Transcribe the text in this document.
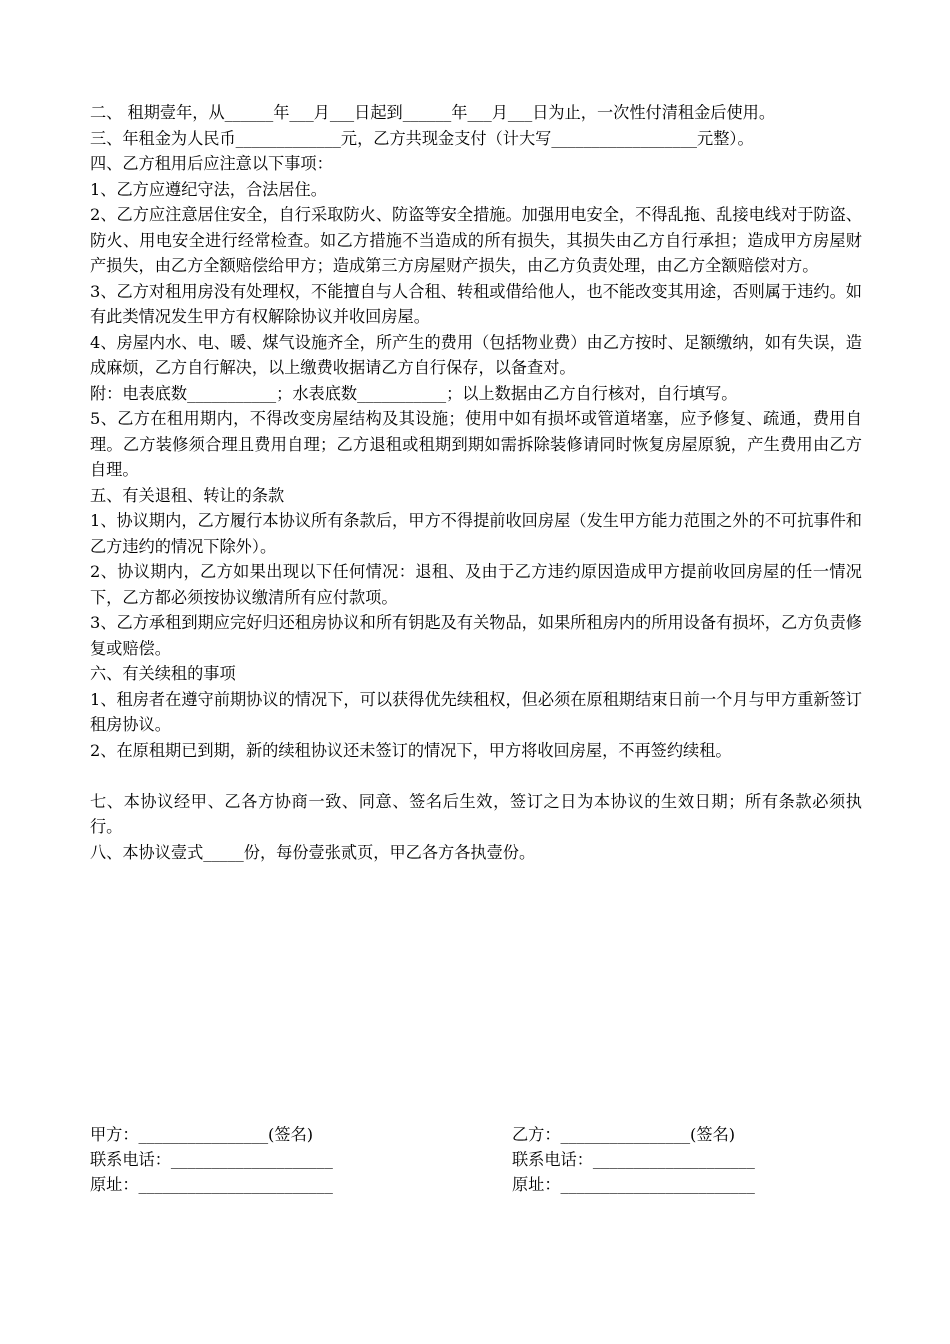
二、 租期壹年，从______年___月___日起到______年___月___日为止，一次性付清租金后使用。

三、年租金为人民币_____________元，乙方共现金支付（计大写__________________元整）。

四、乙方租用后应注意以下事项：

1、乙方应遵纪守法，合法居住。

2、乙方应注意居住安全，自行采取防火、防盗等安全措施。加强用电安全，不得乱拖、乱接电线对于防盗、防火、用电安全进行经常检查。如乙方措施不当造成的所有损失，其损失由乙方自行承担；造成甲方房屋财产损失，由乙方全额赔偿给甲方；造成第三方房屋财产损失，由乙方负责处理，由乙方全额赔偿对方。

3、乙方对租用房没有处理权，不能擅自与人合租、转租或借给他人，也不能改变其用途，否则属于违约。如有此类情况发生甲方有权解除协议并收回房屋。

4、房屋内水、电、暖、煤气设施齐全，所产生的费用（包括物业费）由乙方按时、足额缴纳，如有失误，造成麻烦，乙方自行解决，以上缴费收据请乙方自行保存，以备查对。

附：电表底数___________；水表底数___________；以上数据由乙方自行核对，自行填写。

5、乙方在租用期内，不得改变房屋结构及其设施；使用中如有损坏或管道堵塞，应予修复、疏通，费用自理。乙方装修须合理且费用自理；乙方退租或租期到期如需拆除装修请同时恢复房屋原貌，产生费用由乙方自理。

五、有关退租、转让的条款

1、协议期内，乙方履行本协议所有条款后，甲方不得提前收回房屋（发生甲方能力范围之外的不可抗事件和乙方违约的情况下除外）。

2、协议期内，乙方如果出现以下任何情况：退租、及由于乙方违约原因造成甲方提前收回房屋的任一情况下，乙方都必须按协议缴清所有应付款项。

3、乙方承租到期应完好归还租房协议和所有钥匙及有关物品，如果所租房内的所用设备有损坏，乙方负责修复或赔偿。

六、有关续租的事项

1、租房者在遵守前期协议的情况下，可以获得优先续租权，但必须在原租期结束日前一个月与甲方重新签订租房协议。

2、在原租期已到期，新的续租协议还未签订的情况下，甲方将收回房屋，不再签约续租。

七、本协议经甲、乙各方协商一致、同意、签名后生效，签订之日为本协议的生效日期；所有条款必须执行。

八、本协议壹式_____份，每份壹张贰页，甲乙各方各执壹份。

甲方：________________(签名)

联系电话：____________________

原址：________________________

乙方：________________(签名)

联系电话：____________________

原址：________________________
